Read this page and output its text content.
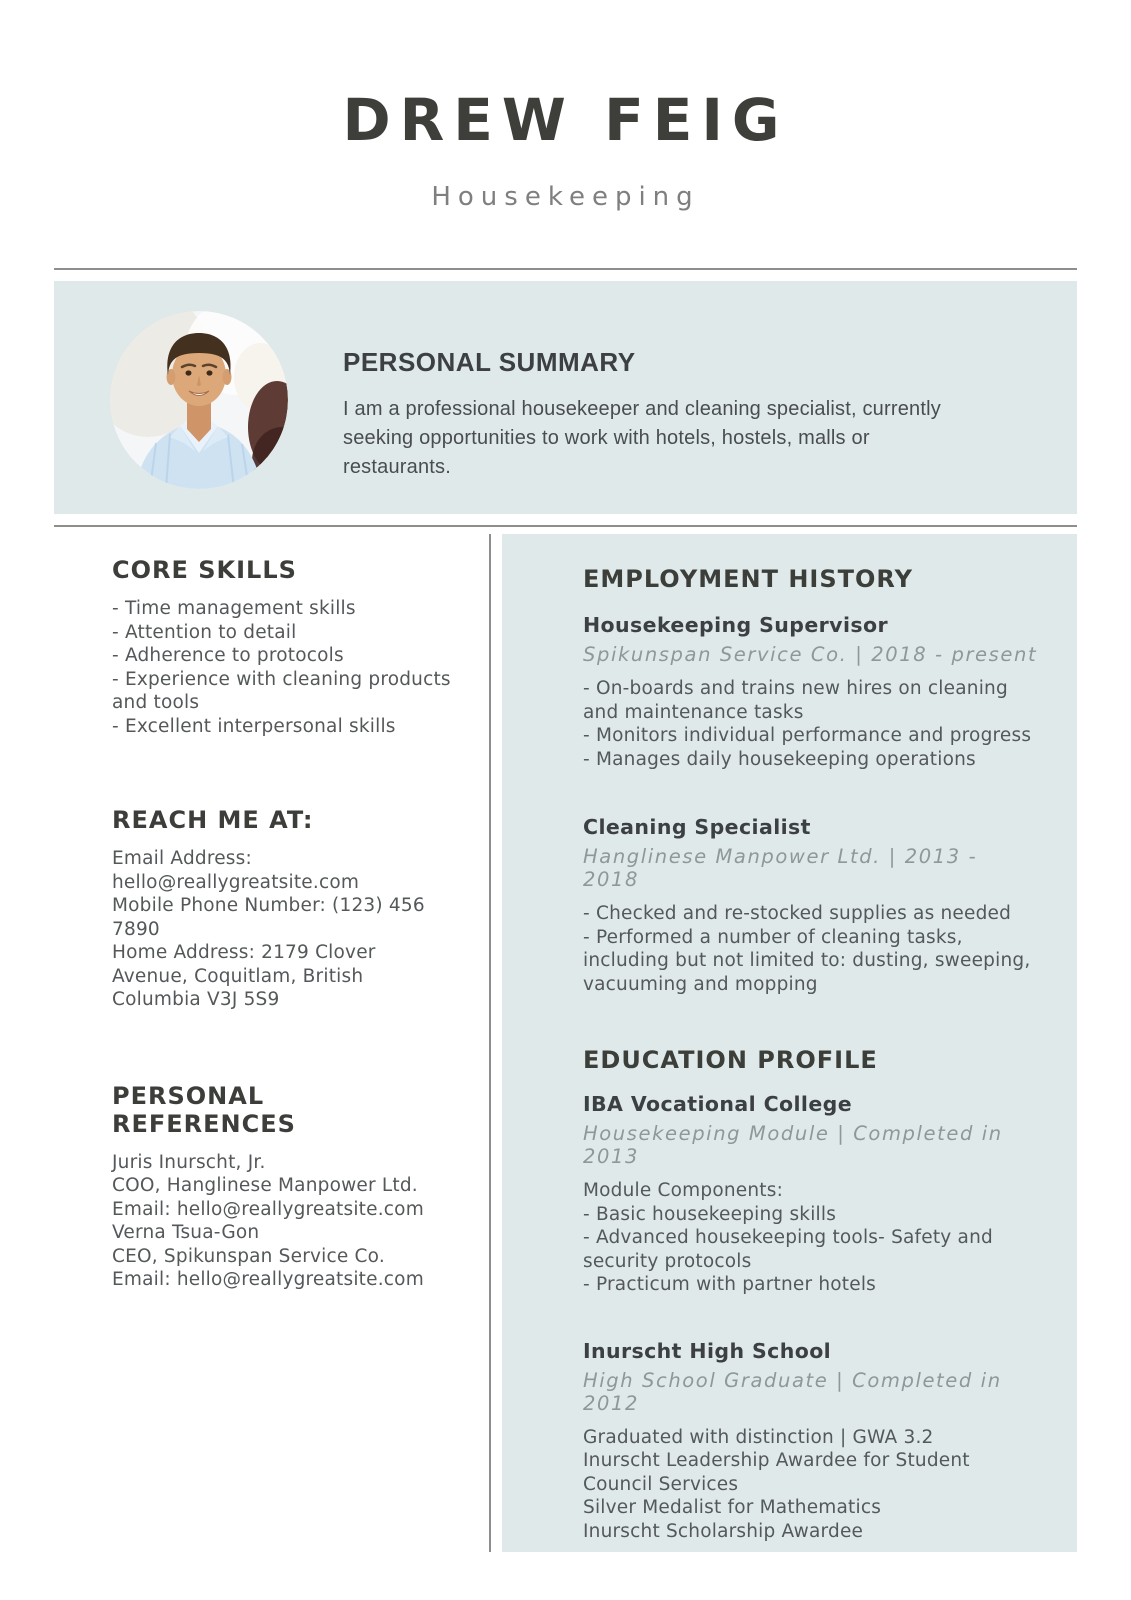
DREW FEIG
Housekeeping
PERSONAL SUMMARY

I am a professional housekeeper and cleaning specialist, currently seeking opportunities to work with hotels, hostels, malls or restaurants.

CORE SKILLS
- Time management skills
- Attention to detail
- Adherence to protocols
- Experience with cleaning products and tools
- Excellent interpersonal skills
REACH ME AT:
Email Address:
hello@reallygreatsite.com
Mobile Phone Number: (123) 456 7890
Home Address: 2179 Clover Avenue, Coquitlam, British Columbia V3J 5S9
PERSONAL REFERENCES
Juris Inurscht, Jr.
COO, Hanglinese Manpower Ltd.
Email: hello@reallygreatsite.com
Verna Tsua-Gon
CEO, Spikunspan Service Co.
Email: hello@reallygreatsite.com
EMPLOYMENT HISTORY
Housekeeping Supervisor
Spikunspan Service Co. | 2018 - present
- On-boards and trains new hires on cleaning and maintenance tasks
- Monitors individual performance and progress
- Manages daily housekeeping operations
Cleaning Specialist
Hanglinese Manpower Ltd. | 2013 - 2018
- Checked and re-stocked supplies as needed
- Performed a number of cleaning tasks, including but not limited to: dusting, sweeping, vacuuming and mopping
EDUCATION PROFILE
IBA Vocational College
Housekeeping Module | Completed in 2013
Module Components:
- Basic housekeeping skills
- Advanced housekeeping tools- Safety and security protocols
- Practicum with partner hotels
Inurscht High School
High School Graduate | Completed in 2012
Graduated with distinction | GWA 3.2
Inurscht Leadership Awardee for Student Council Services
Silver Medalist for Mathematics
Inurscht Scholarship Awardee
